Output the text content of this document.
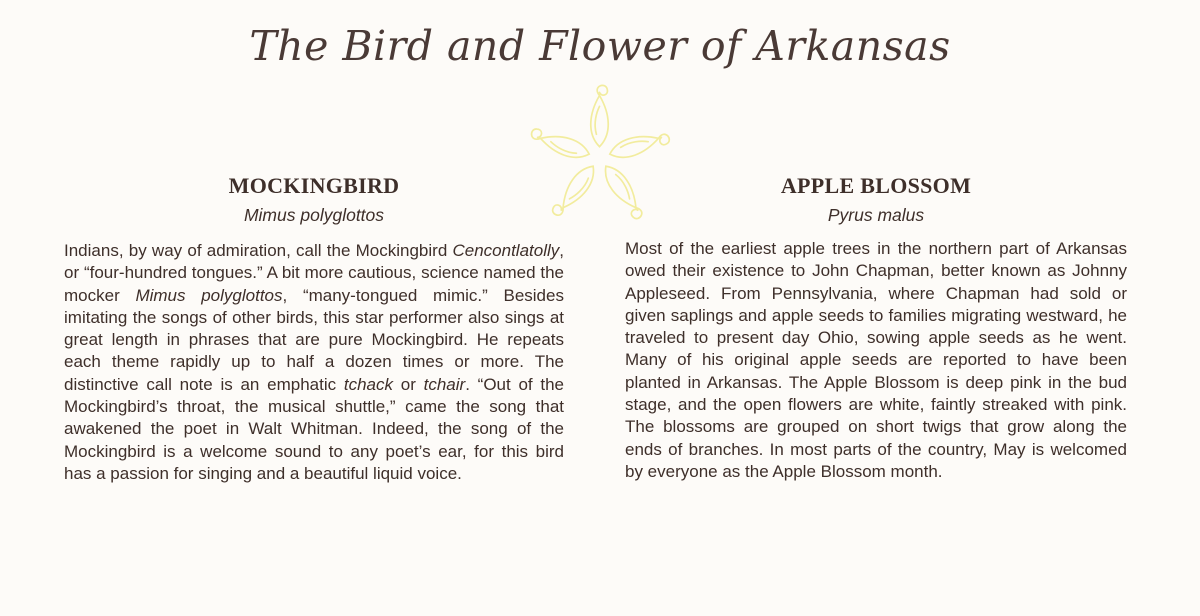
The Bird and Flower of Arkansas
MOCKINGBIRD
Mimus polyglottos
Indians, by way of admiration, call the Mockingbird Cencontlatolly, or “four-hundred tongues.” A bit more cautious, science named the mocker Mimus polyglottos, “many-tongued mimic.” Besides imitating the songs of other birds, this star performer also sings at great length in phrases that are pure Mockingbird. He repeats each theme rapidly up to half a dozen times or more. The distinctive call note is an emphatic tchack or tchair. “Out of the Mockingbird’s throat, the musical shuttle,” came the song that awakened the poet in Walt Whitman. Indeed, the song of the Mockingbird is a welcome sound to any poet’s ear, for this bird has a passion for singing and a beautiful liquid voice.
APPLE BLOSSOM
Pyrus malus
Most of the earliest apple trees in the northern part of Arkansas owed their existence to John Chapman, better known as Johnny Appleseed. From Pennsylvania, where Chapman had sold or given saplings and apple seeds to families migrating westward, he traveled to present day Ohio, sowing apple seeds as he went. Many of his original apple seeds are reported to have been planted in Arkansas. The Apple Blossom is deep pink in the bud stage, and the open flowers are white, faintly streaked with pink. The blossoms are grouped on short twigs that grow along the ends of branches. In most parts of the country, May is welcomed by everyone as the Apple Blossom month.
